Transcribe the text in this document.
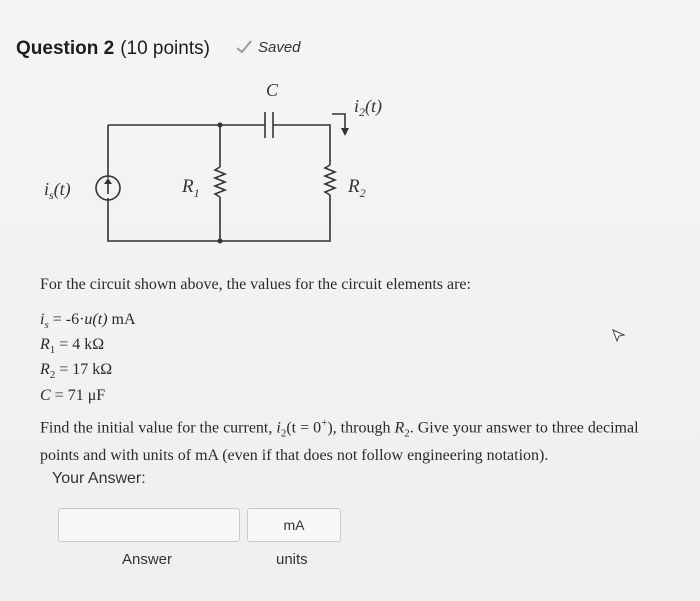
Question 2 (10 points)	Saved
C
$i_2(t)$
$i_s(t)$	$R_1$	$R_2$
For the circuit shown above, the values for the circuit elements are:
$i_s = -6\cdot u(t)$ mA
$R_1 = 4$ kΩ
$R_2 = 17$ kΩ
C = 71 μF
Find the initial value for the current, $i_2(t = 0^+)$, through $R_2$. Give your answer to three decimal points and with units of mA (even if that does not follow engineering notation).
Your Answer:
mA
Answer	units
